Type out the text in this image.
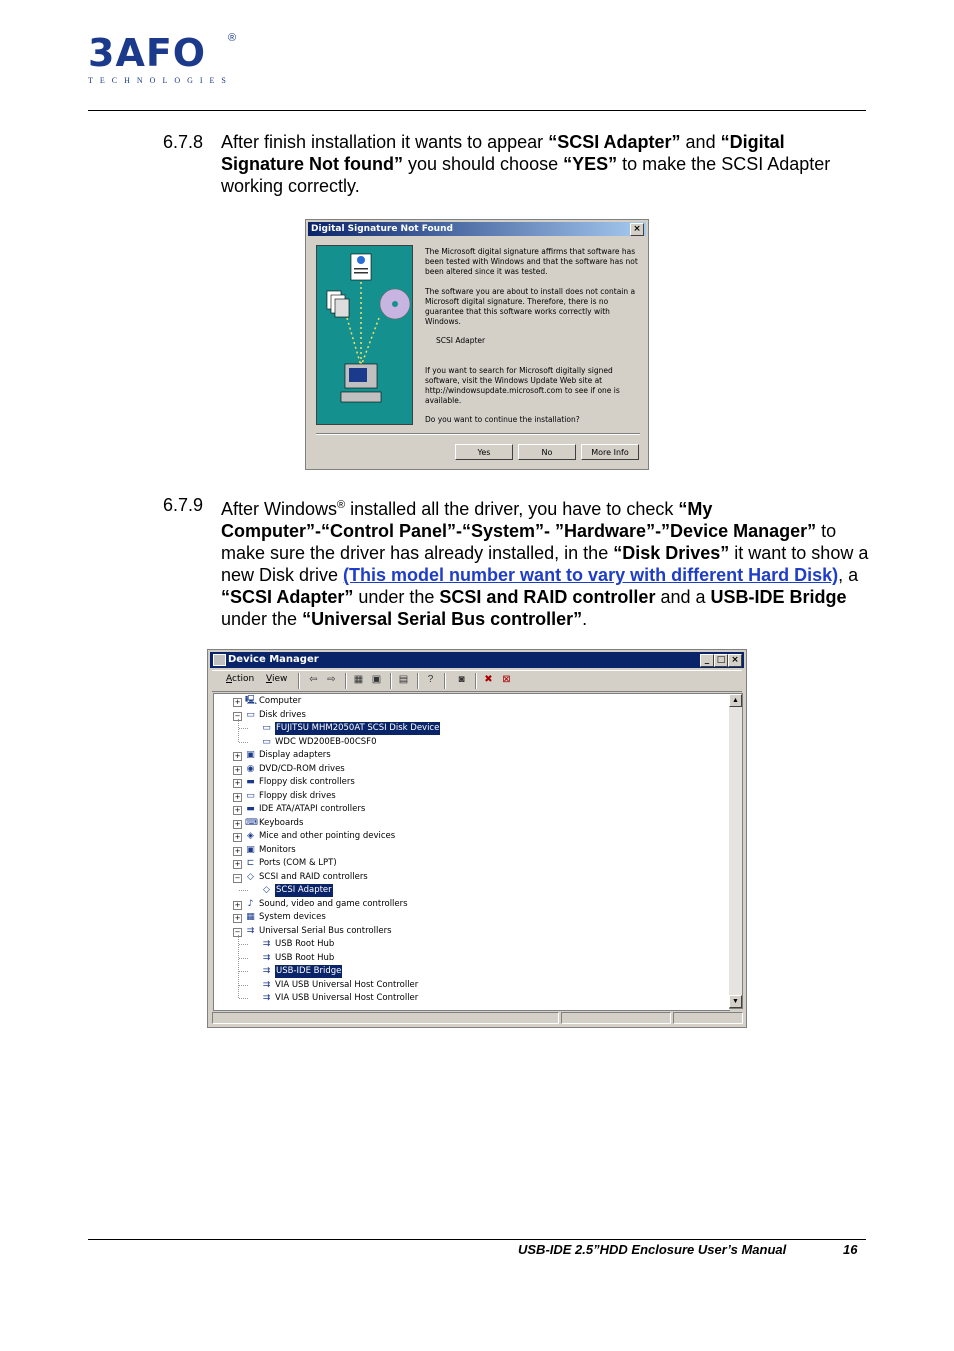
3AFO	®
TECHNOLOGIES
6.7.8 After finish installation it wants to appear “SCSI Adapter” and “Digital Signature Not found” you should choose “YES” to make the SCSI Adapter working correctly.
Digital Signature Not Found	×
The Microsoft digital signature affirms that software has been tested with Windows and that the software has not been altered since it was tested.
The software you are about to install does not contain a Microsoft digital signature. Therefore, there is no guarantee that this software works correctly with Windows.
SCSI Adapter
If you want to search for Microsoft digitally signed software, visit the Windows Update Web site at http://windowsupdate.microsoft.com to see if one is available.
Do you want to continue the installation?
Yes	No	More Info
6.7.9 After Windows® installed all the driver, you have to check “My Computer”-“Control Panel”-“System”- ”Hardware”-”Device Manager” to make sure the driver has already installed, in the “Disk Drives” it want to show a new Disk drive (This model number want to vary with different Hard Disk), a “SCSI Adapter” under the SCSI and RAID controller and a USB-IDE Bridge under the “Universal Serial Bus controller”.
Device Manager	_ □ ×
Action View ⇦ ⇨ ▦ ▣ ▤	?	◙	✖ ⊠
+ 🖳 Computer
− ▭ Disk drives
▭ FUJITSU MHM2050AT SCSI Disk Device
▭ WDC WD200EB-00CSF0
+ ▣ Display adapters
+ ◉ DVD/CD-ROM drives
+ ▬ Floppy disk controllers
+ ▭ Floppy disk drives
+ ▬ IDE ATA/ATAPI controllers
+ ⌨ Keyboards
+ ◈ Mice and other pointing devices
+ ▣ Monitors
+ ⊏ Ports (COM & LPT)
− ◇ SCSI and RAID controllers
◇ SCSI Adapter
+ ♪ Sound, video and game controllers
+ ▦ System devices
− ⇉ Universal Serial Bus controllers
⇉ USB Root Hub
⇉ USB Root Hub
⇉ USB-IDE Bridge
⇉ VIA USB Universal Host Controller
⇉ VIA USB Universal Host Controller
▲
▼
USB-IDE 2.5”HDD Enclosure User’s Manual	16
